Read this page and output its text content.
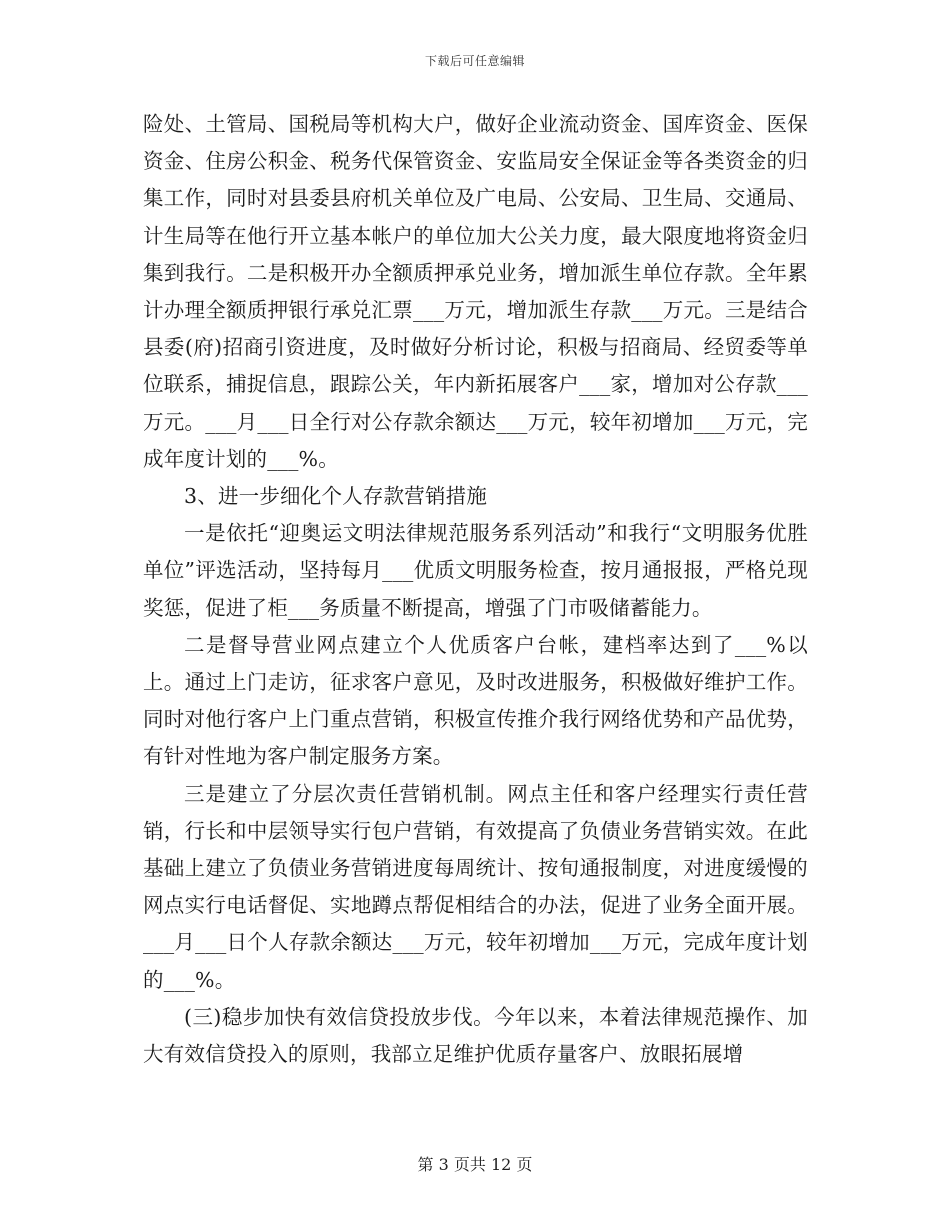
下载后可任意编辑

险处、土管局、国税局等机构大户，做好企业流动资金、国库资金、医保资金、住房公积金、税务代保管资金、安监局安全保证金等各类资金的归集工作，同时对县委县府机关单位及广电局、公安局、卫生局、交通局、计生局等在他行开立基本帐户的单位加大公关力度，最大限度地将资金归集到我行。二是积极开办全额质押承兑业务，增加派生单位存款。全年累计办理全额质押银行承兑汇票___万元，增加派生存款___万元。三是结合县委(府)招商引资进度，及时做好分析讨论，积极与招商局、经贸委等单位联系，捕捉信息，跟踪公关，年内新拓展客户___家，增加对公存款___万元。___月___日全行对公存款余额达___万元，较年初增加___万元，完成年度计划的___%。

3、进一步细化个人存款营销措施

一是依托“迎奥运文明法律规范服务系列活动”和我行“文明服务优胜单位”评选活动，坚持每月___优质文明服务检查，按月通报报，严格兑现奖惩，促进了柜___务质量不断提高，增强了门市吸储蓄能力。

二是督导营业网点建立个人优质客户台帐，建档率达到了___%以上。通过上门走访，征求客户意见，及时改进服务，积极做好维护工作。同时对他行客户上门重点营销，积极宣传推介我行网络优势和产品优势，有针对性地为客户制定服务方案。

三是建立了分层次责任营销机制。网点主任和客户经理实行责任营销，行长和中层领导实行包户营销，有效提高了负债业务营销实效。在此基础上建立了负债业务营销进度每周统计、按旬通报制度，对进度缓慢的网点实行电话督促、实地蹲点帮促相结合的办法，促进了业务全面开展。___月___日个人存款余额达___万元，较年初增加___万元，完成年度计划的___%。

(三)稳步加快有效信贷投放步伐。今年以来，本着法律规范操作、加大有效信贷投入的原则，我部立足维护优质存量客户、放眼拓展增

第 3 页共 12 页
